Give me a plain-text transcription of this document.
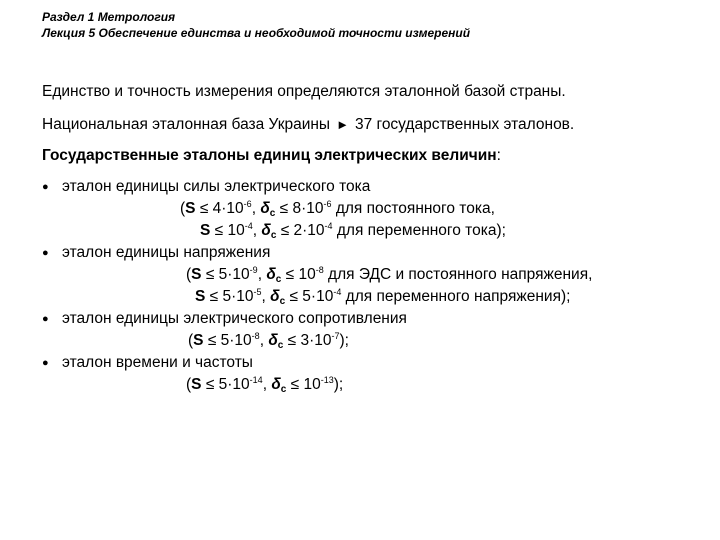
Раздел 1 Метрология
Лекция 5 Обеспечение единства и необходимой точности измерений
Единство и точность измерения определяются эталонной базой страны.
Национальная эталонная база Украины ► 37 государственных эталонов.
Государственные эталоны единиц электрических величин:
● эталон единицы силы электрического тока
($S \le 4\cdot 10^{-6}$, $\delta c \le 8\cdot 10^{-6}$ для постоянного тока,
$S \le 10^{-4}$, $\delta c \le 2\cdot 10^{-4}$ для переменного тока);
● эталон единицы напряжения
($S \le 5\cdot 10^{-9}$, $\delta c \le 10^{-8}$ для ЭДС и постоянного напряжения,
$S \le 5\cdot 10^{-5}$, $\delta c \le 5\cdot 10^{-4}$ для переменного напряжения);
● эталон единицы электрического сопротивления
($S \le 5\cdot 10^{-8}$, $\delta c \le 3\cdot 10^{-7}$);
● эталон времени и частоты
($S \le 5\cdot 10^{-14}$, $\delta c \le 10^{-13}$);
